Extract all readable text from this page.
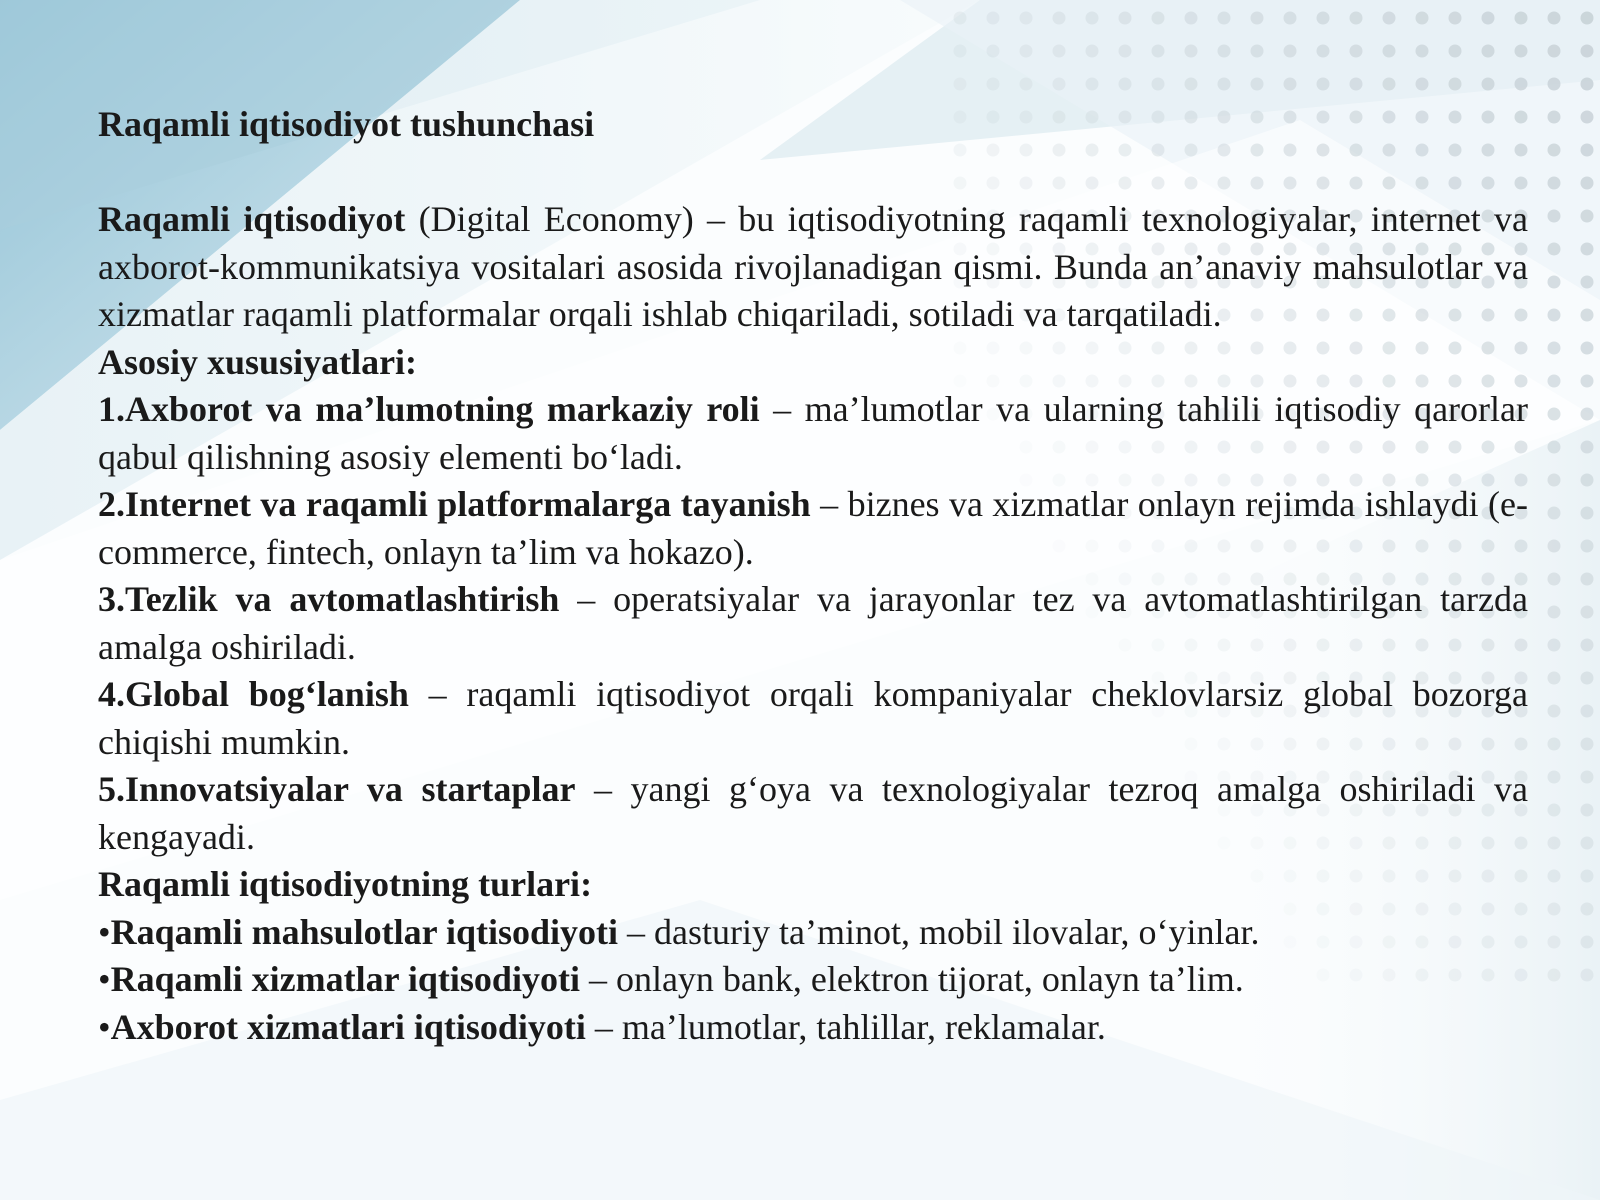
Raqamli iqtisodiyot tushunchasi

Raqamli iqtisodiyot (Digital Economy) – bu iqtisodiyotning raqamli texnologiyalar, internet va axborot-kommunikatsiya vositalari asosida rivojlanadigan qismi. Bunda an’anaviy mahsulotlar va xizmatlar raqamli platformalar orqali ishlab chiqariladi, sotiladi va tarqatiladi.

Asosiy xususiyatlari:

1.Axborot va ma’lumotning markaziy roli – ma’lumotlar va ularning tahlili iqtisodiy qarorlar qabul qilishning asosiy elementi bo‘ladi.

2.Internet va raqamli platformalarga tayanish – biznes va xizmatlar onlayn rejimda ishlaydi (e-commerce, fintech, onlayn ta’lim va hokazo).

3.Tezlik va avtomatlashtirish – operatsiyalar va jarayonlar tez va avtomatlashtirilgan tarzda amalga oshiriladi.

4.Global bog‘lanish – raqamli iqtisodiyot orqali kompaniyalar cheklovlarsiz global bozorga chiqishi mumkin.

5.Innovatsiyalar va startaplar – yangi g‘oya va texnologiyalar tezroq amalga oshiriladi va kengayadi.

Raqamli iqtisodiyotning turlari:

•Raqamli mahsulotlar iqtisodiyoti – dasturiy ta’minot, mobil ilovalar, o‘yinlar.

•Raqamli xizmatlar iqtisodiyoti – onlayn bank, elektron tijorat, onlayn ta’lim.

•Axborot xizmatlari iqtisodiyoti – ma’lumotlar, tahlillar, reklamalar.
